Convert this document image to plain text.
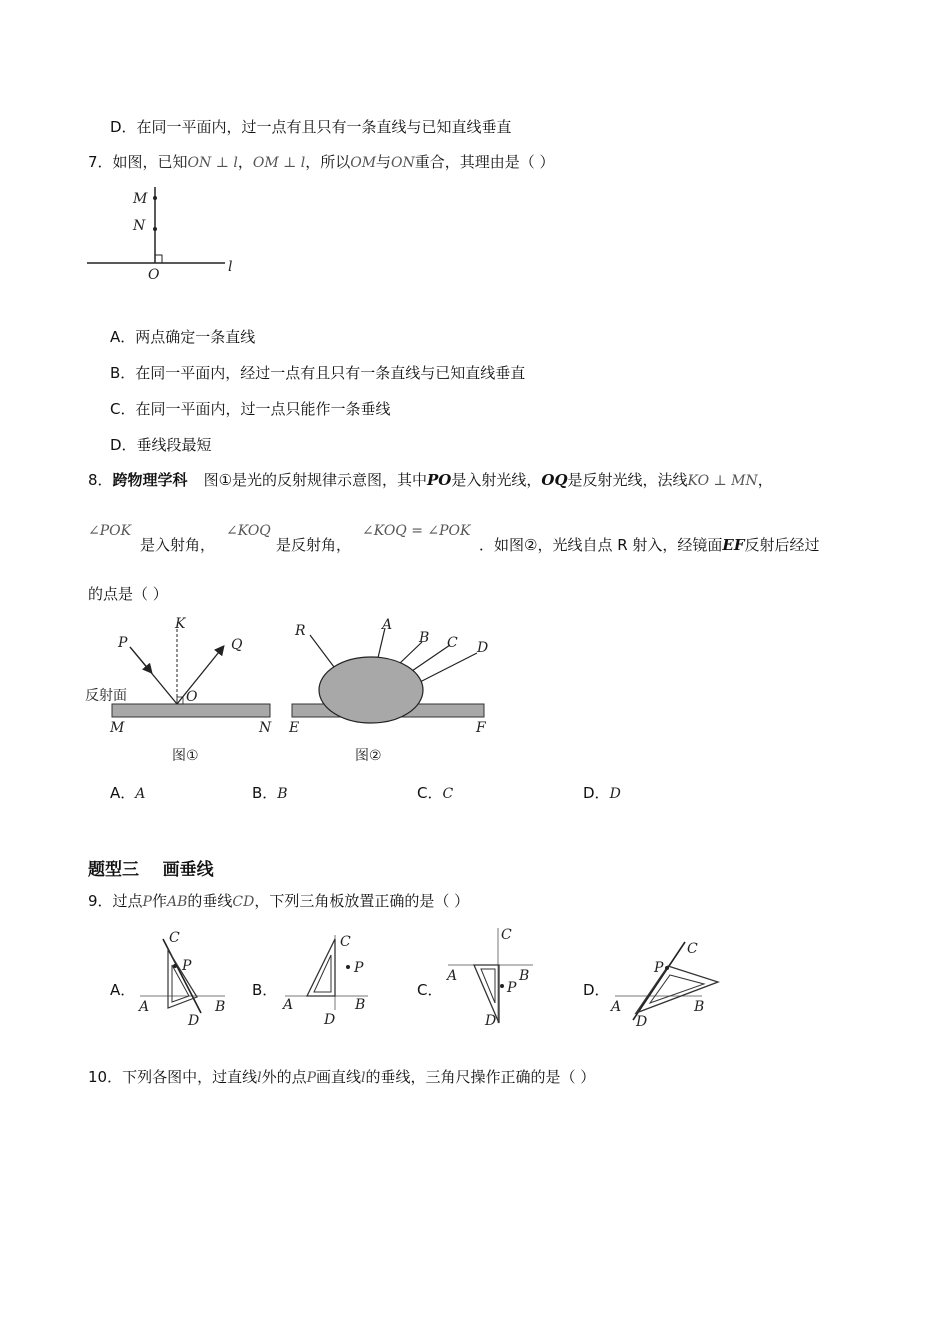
D．在同一平面内，过一点有且只有一条直线与已知直线垂直
7．如图，已知ON ⊥ l，OM ⊥ l，所以OM与ON重合，其理由是（ ）
M
N
O	l
A．两点确定一条直线
B．在同一平面内，经过一点有且只有一条直线与已知直线垂直
C．在同一平面内，过一点只能作一条垂线
D．垂线段最短
8．跨物理学科 图①是光的反射规律示意图，其中PO是入射光线，OQ是反射光线，法线KO ⊥ MN，
∠POK
是入射角，
∠KOQ
是反射角，
∠KOQ = ∠POK
．如图②，光线自点 R 射入，经镜面EF反射后经过
的点是（ ）
P
K
Q
O
M	N
反射面
图①
R	A
B C D
E	F
图②
A．A	B．B	C．C	D．D
题型三    画垂线
9．过点P作AB的垂线CD，下列三角板放置正确的是（ ）
A．
C
P
A	B
D
B．
C
P
A	B
D
C．
C
A	B
P
D
D．
C
P
A	B
D
10．下列各图中，过直线l外的点P画直线l的垂线，三角尺操作正确的是（ ）
